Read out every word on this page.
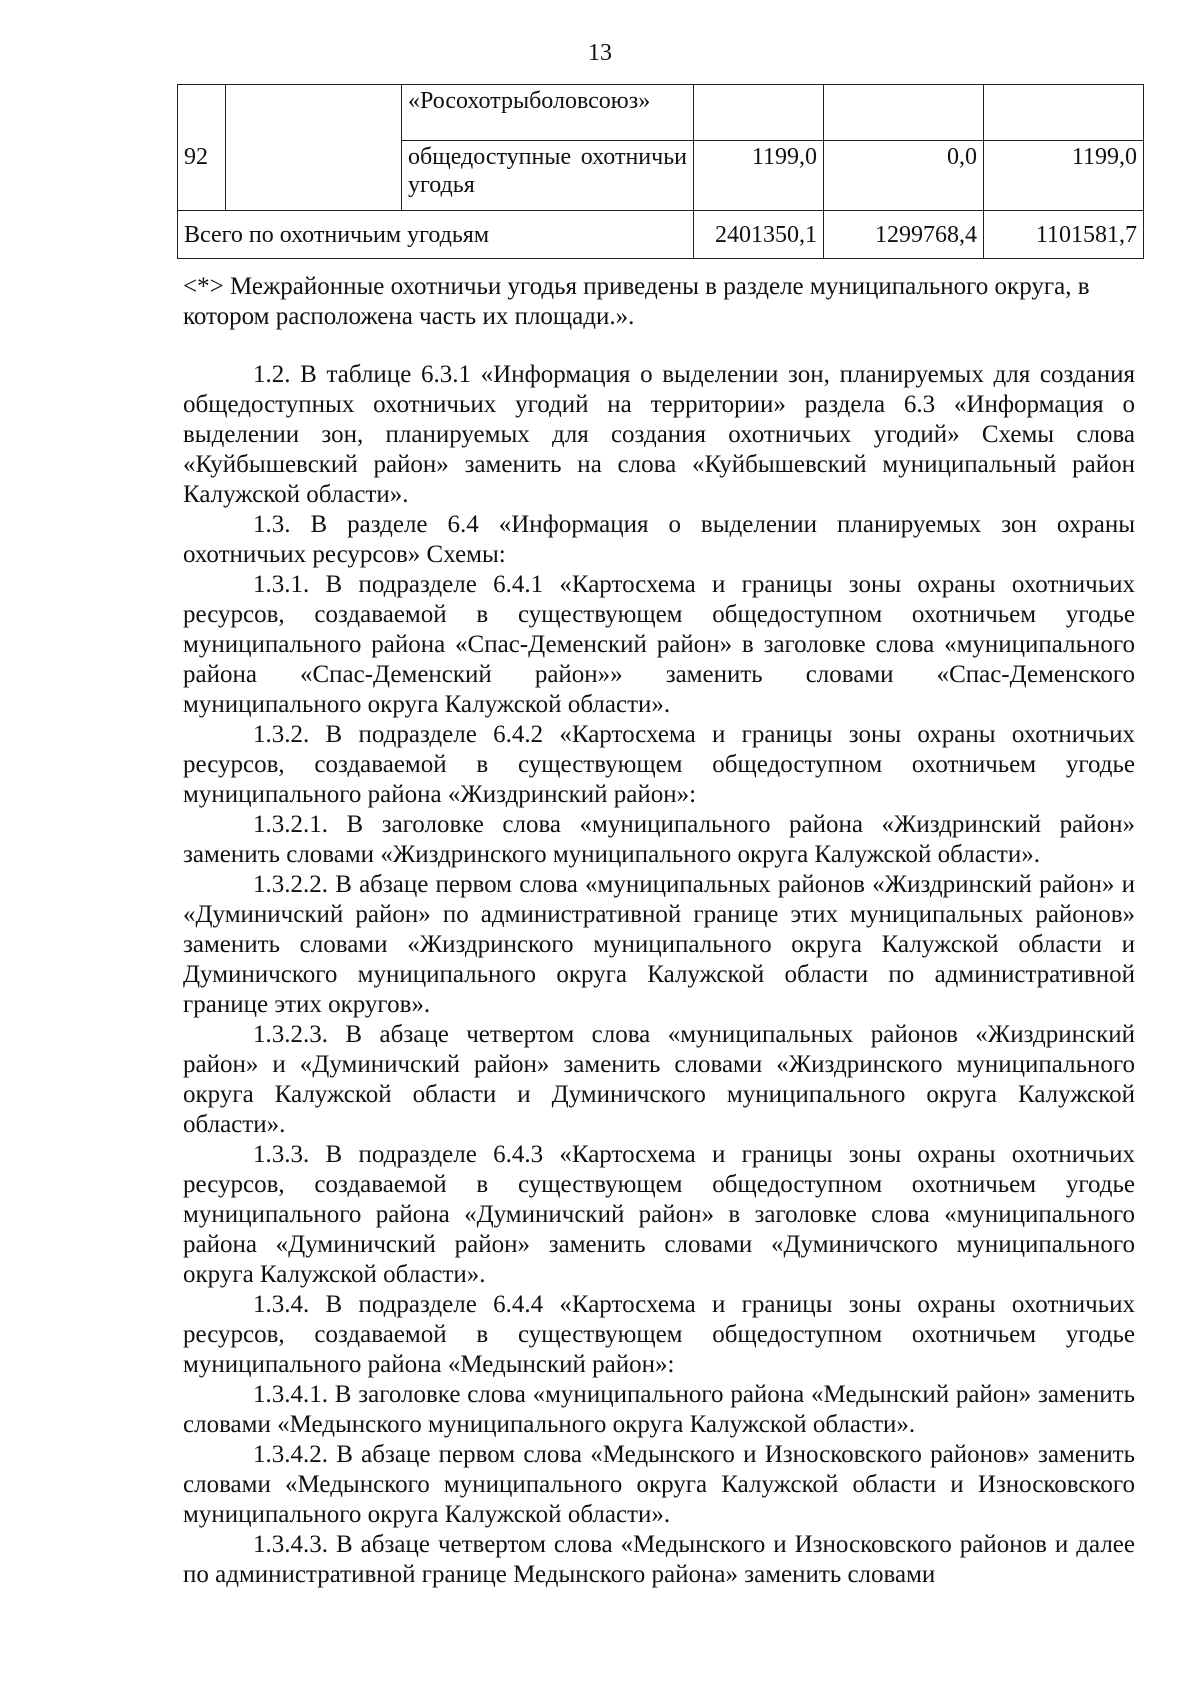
13
		«Росохотрыболовсоюз»			
92		общедоступные охотничьи угодья	1199,0	0,0	1199,0
Всего по охотничьим угодьям			2401350,1	1299768,4	1101581,7
<*> Межрайонные охотничьи угодья приведены в разделе муниципального округа, в котором расположена часть их площади.».

1.2. В таблице 6.3.1 «Информация о выделении зон, планируемых для создания общедоступных охотничьих угодий на территории» раздела 6.3 «Информация о выделении зон, планируемых для создания охотничьих угодий» Схемы слова «Куйбышевский район» заменить на слова «Куйбышевский муниципальный район Калужской области».

1.3. В разделе 6.4 «Информация о выделении планируемых зон охраны охотничьих ресурсов» Схемы:

1.3.1. В подразделе 6.4.1 «Картосхема и границы зоны охраны охотничьих ресурсов, создаваемой в существующем общедоступном охотничьем угодье муниципального района «Спас-Деменский район» в заголовке слова «муниципального района «Спас-Деменский район»» заменить словами «Спас-Деменского муниципального округа Калужской области».

1.3.2. В подразделе 6.4.2 «Картосхема и границы зоны охраны охотничьих ресурсов, создаваемой в существующем общедоступном охотничьем угодье муниципального района «Жиздринский район»:

1.3.2.1. В заголовке слова «муниципального района «Жиздринский район» заменить словами «Жиздринского муниципального округа Калужской области».

1.3.2.2. В абзаце первом слова «муниципальных районов «Жиздринский район» и «Думиничский район» по административной границе этих муниципальных районов» заменить словами «Жиздринского муниципального округа Калужской области и Думиничского муниципального округа Калужской области по административной границе этих округов».

1.3.2.3. В абзаце четвертом слова «муниципальных районов «Жиздринский район» и «Думиничский район» заменить словами «Жиздринского муниципального округа Калужской области и Думиничского муниципального округа Калужской области».

1.3.3. В подразделе 6.4.3 «Картосхема и границы зоны охраны охотничьих ресурсов, создаваемой в существующем общедоступном охотничьем угодье муниципального района «Думиничский район» в заголовке слова «муниципального района «Думиничский район» заменить словами «Думиничского муниципального округа Калужской области».

1.3.4. В подразделе 6.4.4 «Картосхема и границы зоны охраны охотничьих ресурсов, создаваемой в существующем общедоступном охотничьем угодье муниципального района «Медынский район»:

1.3.4.1. В заголовке слова «муниципального района «Медынский район» заменить словами «Медынского муниципального округа Калужской области».

1.3.4.2. В абзаце первом слова «Медынского и Износковского районов» заменить словами «Медынского муниципального округа Калужской области и Износковского муниципального округа Калужской области».

1.3.4.3. В абзаце четвертом слова «Медынского и Износковского районов и далее по административной границе Медынского района» заменить словами
